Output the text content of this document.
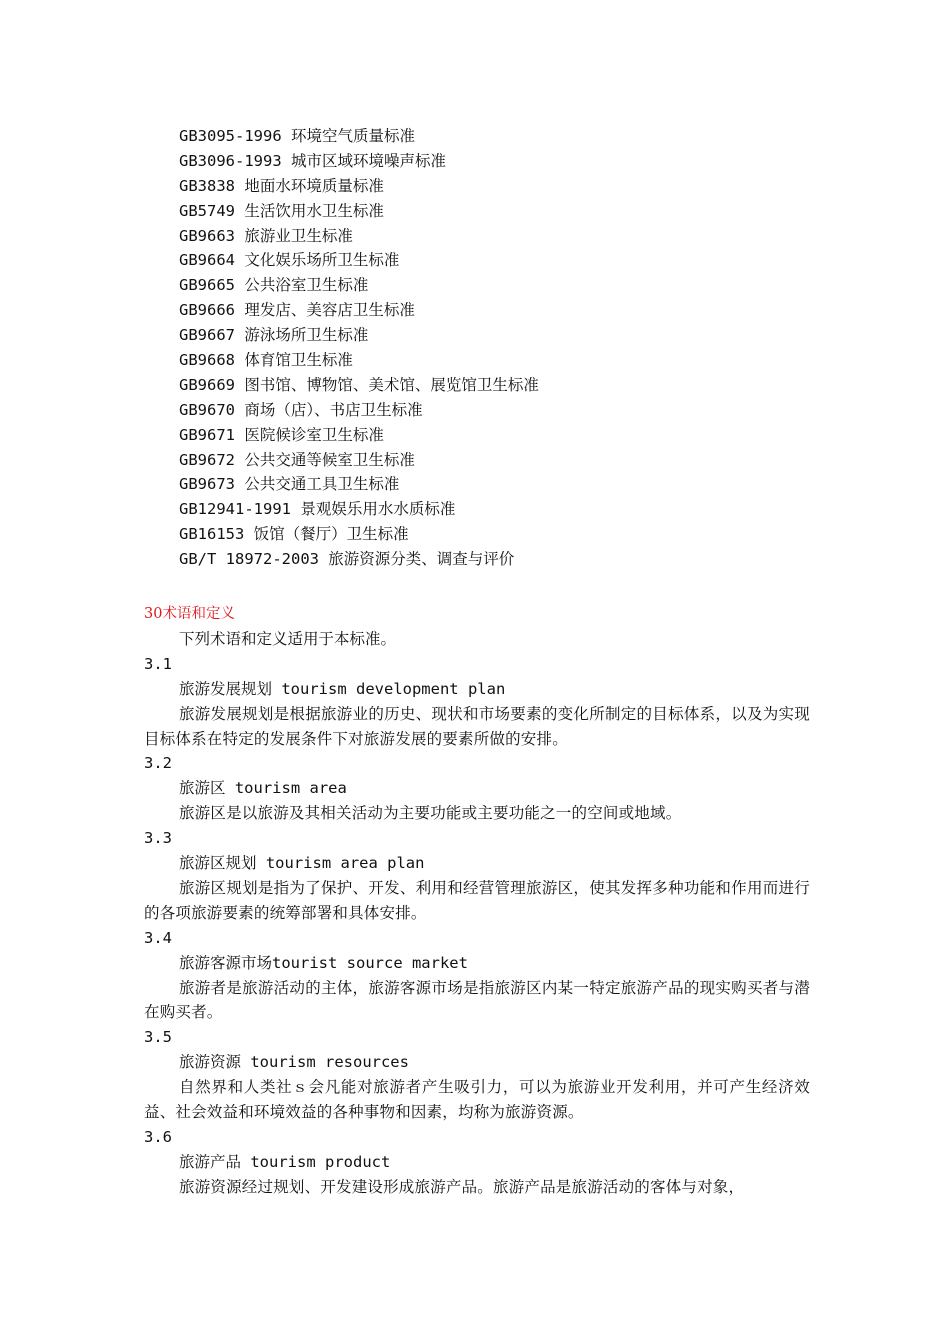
GB3095-1996 环境空气质量标准
GB3096-1993 城市区域环境噪声标准
GB3838 地面水环境质量标准
GB5749 生活饮用水卫生标准
GB9663 旅游业卫生标准
GB9664 文化娱乐场所卫生标准
GB9665 公共浴室卫生标准
GB9666 理发店、美容店卫生标准
GB9667 游泳场所卫生标准
GB9668 体育馆卫生标准
GB9669 图书馆、博物馆、美术馆、展览馆卫生标准
GB9670 商场（店）、书店卫生标准
GB9671 医院候诊室卫生标准
GB9672 公共交通等候室卫生标准
GB9673 公共交通工具卫生标准
GB12941-1991 景观娱乐用水水质标准
GB16153 饭馆（餐厅）卫生标准
GB/T 18972-2003 旅游资源分类、调查与评价
30术语和定义
下列术语和定义适用于本标准。
3.1
旅游发展规划 tourism development plan
旅游发展规划是根据旅游业的历史、现状和市场要素的变化所制定的目标体系，以及为实现目标体系在特定的发展条件下对旅游发展的要素所做的安排。
3.2
旅游区 tourism area
旅游区是以旅游及其相关活动为主要功能或主要功能之一的空间或地域。
3.3
旅游区规划 tourism area plan
旅游区规划是指为了保护、开发、利用和经营管理旅游区，使其发挥多种功能和作用而进行的各项旅游要素的统筹部署和具体安排。
3.4
旅游客源市场tourist source market
旅游者是旅游活动的主体，旅游客源市场是指旅游区内某一特定旅游产品的现实购买者与潜在购买者。
3.5
旅游资源 tourism resources
自然界和人类社ｓ会凡能对旅游者产生吸引力，可以为旅游业开发利用，并可产生经济效益、社会效益和环境效益的各种事物和因素，均称为旅游资源。
3.6
旅游产品 tourism product
旅游资源经过规划、开发建设形成旅游产品。旅游产品是旅游活动的客体与对象，
